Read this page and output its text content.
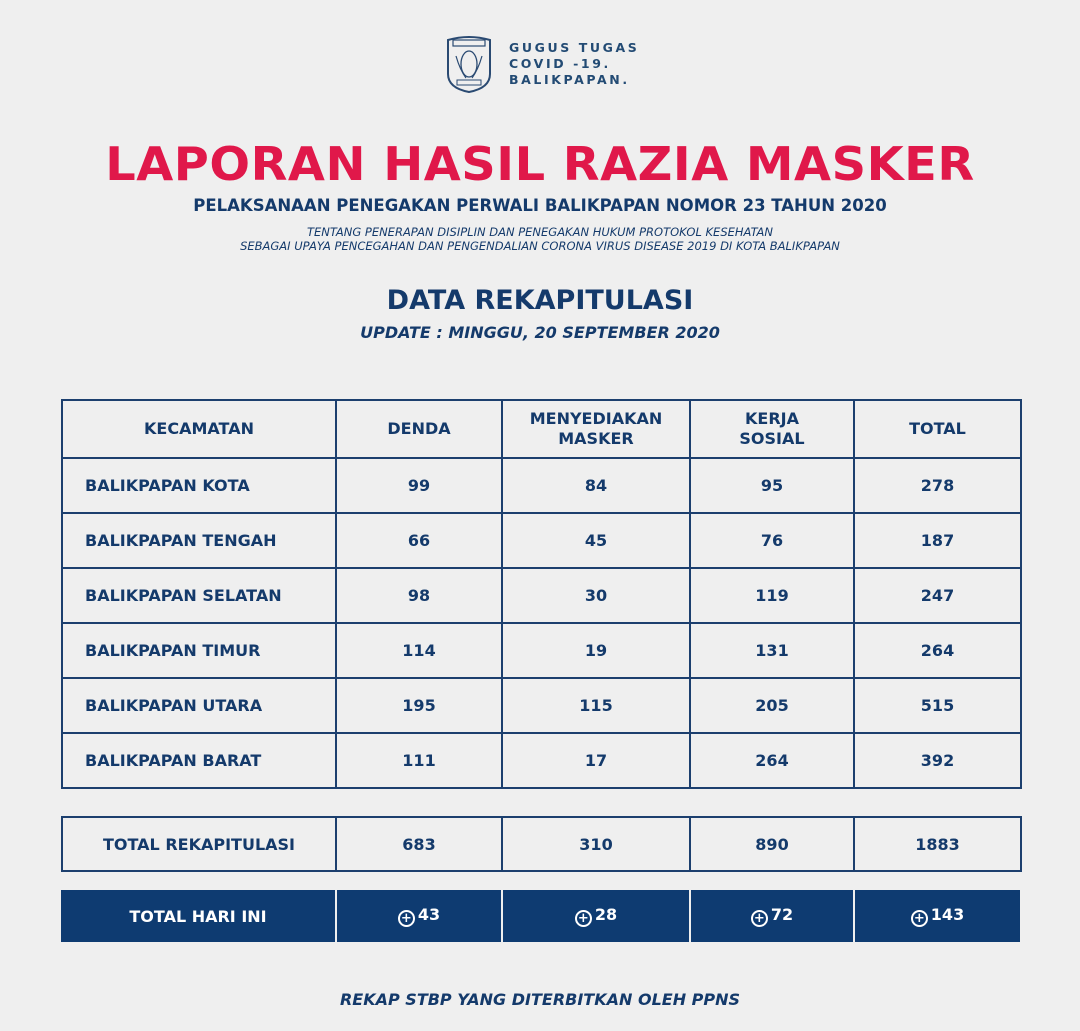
GUGUS TUGAS
COVID -19.
BALIKPAPAN.
LAPORAN HASIL RAZIA MASKER
PELAKSANAAN PENEGAKAN PERWALI BALIKPAPAN NOMOR 23 TAHUN 2020
TENTANG PENERAPAN DISIPLIN DAN PENEGAKAN HUKUM PROTOKOL KESEHATAN
SEBAGAI UPAYA PENCEGAHAN DAN PENGENDALIAN CORONA VIRUS DISEASE 2019 DI KOTA BALIKPAPAN
DATA REKAPITULASI
UPDATE : MINGGU, 20 SEPTEMBER 2020
KECAMATAN	DENDA	MENYEDIAKAN MASKER	KERJA SOSIAL	TOTAL
BALIKPAPAN KOTA	99	84	95	278
BALIKPAPAN TENGAH	66	45	76	187
BALIKPAPAN SELATAN	98	30	119	247
BALIKPAPAN TIMUR	114	19	131	264
BALIKPAPAN UTARA	195	115	205	515
BALIKPAPAN BARAT	111	17	264	392
TOTAL REKAPITULASI	683	310	890	1883
TOTAL HARI INI	+ 43	+ 28	+ 72	+ 143
REKAP STBP YANG DITERBITKAN OLEH PPNS
